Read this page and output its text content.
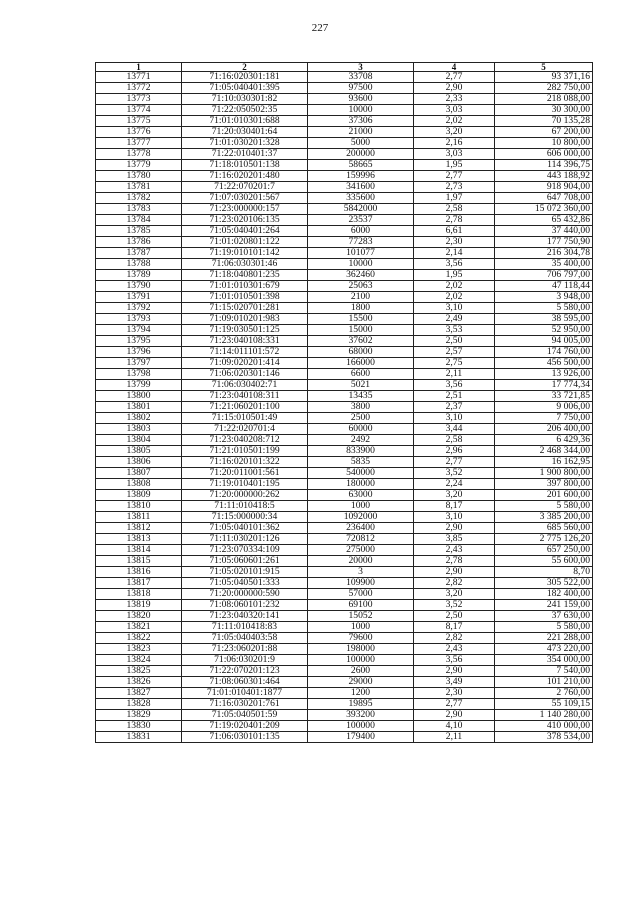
227
1	2	3	4	5
13771	71:16:020301:181	33708	2,77	93 371,16
13772	71:05:040401:395	97500	2,90	282 750,00
13773	71:10:030301:82	93600	2,33	218 088,00
13774	71:22:050502:35	10000	3,03	30 300,00
13775	71:01:010301:688	37306	2,02	70 135,28
13776	71:20:030401:64	21000	3,20	67 200,00
13777	71:01:030201:328	5000	2,16	10 800,00
13778	71:22:010401:37	200000	3,03	606 000,00
13779	71:18:010501:138	58665	1,95	114 396,75
13780	71:16:020201:480	159996	2,77	443 188,92
13781	71:22:070201:7	341600	2,73	918 904,00
13782	71:07:030201:567	335600	1,97	647 708,00
13783	71:23:000000:157	5842000	2,58	15 072 360,00
13784	71:23:020106:135	23537	2,78	65 432,86
13785	71:05:040401:264	6000	6,61	37 440,00
13786	71:01:020801:122	77283	2,30	177 750,90
13787	71:19:010101:142	101077	2,14	216 304,78
13788	71:06:030301:46	10000	3,56	35 400,00
13789	71:18:040801:235	362460	1,95	706 797,00
13790	71:01:010301:679	25063	2,02	47 118,44
13791	71:01:010501:398	2100	2,02	3 948,00
13792	71:15:020701:281	1800	3,10	5 580,00
13793	71:09:010201:983	15500	2,49	38 595,00
13794	71:19:030501:125	15000	3,53	52 950,00
13795	71:23:040108:331	37602	2,50	94 005,00
13796	71:14:011101:572	68000	2,57	174 760,00
13797	71:09:020201:414	166000	2,75	456 500,00
13798	71:06:020301:146	6600	2,11	13 926,00
13799	71:06:030402:71	5021	3,56	17 774,34
13800	71:23:040108:311	13435	2,51	33 721,85
13801	71:21:060201:100	3800	2,37	9 006,00
13802	71:15:010501:49	2500	3,10	7 750,00
13803	71:22:020701:4	60000	3,44	206 400,00
13804	71:23:040208:712	2492	2,58	6 429,36
13805	71:21:010501:199	833900	2,96	2 468 344,00
13806	71:16:020101:322	5835	2,77	16 162,95
13807	71:20:011001:561	540000	3,52	1 900 800,00
13808	71:19:010401:195	180000	2,24	397 800,00
13809	71:20:000000:262	63000	3,20	201 600,00
13810	71:11:010418:5	1000	8,17	5 580,00
13811	71:15:000000:34	1092000	3,10	3 385 200,00
13812	71:05:040101:362	236400	2,90	685 560,00
13813	71:11:030201:126	720812	3,85	2 775 126,20
13814	71:23:070334:109	275000	2,43	657 250,00
13815	71:05:060601:261	20000	2,78	55 600,00
13816	71:05:020101:915	3	2,90	8,70
13817	71:05:040501:333	109900	2,82	305 522,00
13818	71:20:000000:590	57000	3,20	182 400,00
13819	71:08:060101:232	69100	3,52	241 159,00
13820	71:23:040320:141	15052	2,50	37 630,00
13821	71:11:010418:83	1000	8,17	5 580,00
13822	71:05:040403:58	79600	2,82	221 288,00
13823	71:23:060201:88	198000	2,43	473 220,00
13824	71:06:030201:9	100000	3,56	354 000,00
13825	71:22:070201:123	2600	2,90	7 540,00
13826	71:08:060301:464	29000	3,49	101 210,00
13827	71:01:010401:1877	1200	2,30	2 760,00
13828	71:16:030201:761	19895	2,77	55 109,15
13829	71:05:040501:59	393200	2,90	1 140 280,00
13830	71:19:020401:209	100000	4,10	410 000,00
13831	71:06:030101:135	179400	2,11	378 534,00
